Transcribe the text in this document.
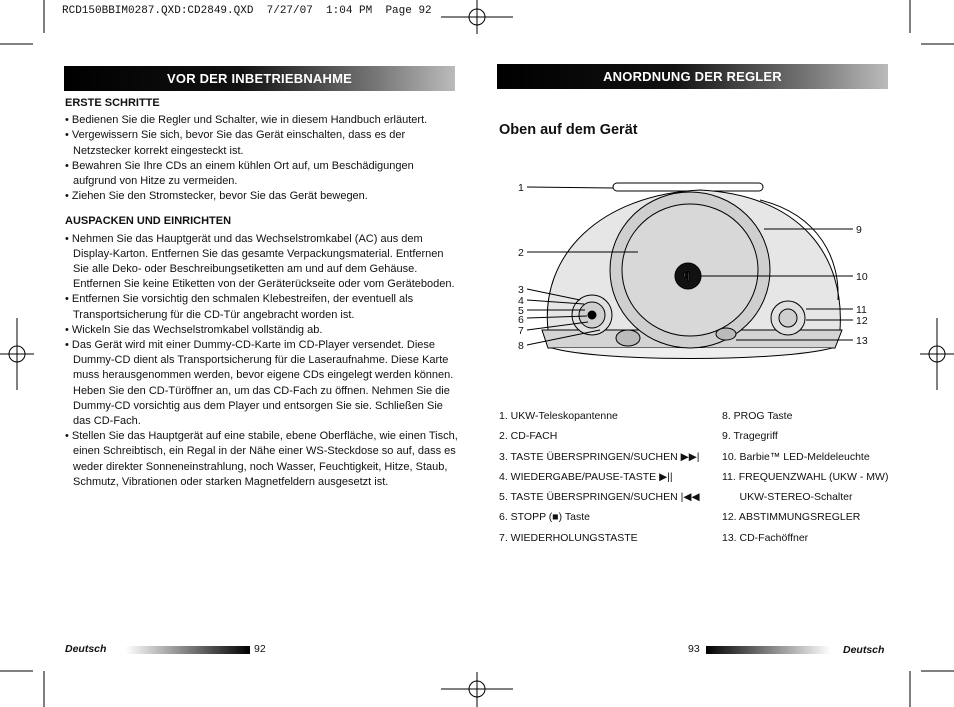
RCD150BBIM0287.QXD:CD2849.QXD  7/27/07  1:04 PM  Page 92
VOR DER INBETRIEBNAHME	ANORDNUNG DER REGLER
ERSTE SCHRITTE

• Bedienen Sie die Regler und Schalter, wie in diesem Handbuch erläutert.

• Vergewissern Sie sich, bevor Sie das Gerät einschalten, dass es der Netzstecker korrekt eingesteckt ist.

• Bewahren Sie Ihre CDs an einem kühlen Ort auf, um Beschädigungen aufgrund von Hitze zu vermeiden.

• Ziehen Sie den Stromstecker, bevor Sie das Gerät bewegen.

AUSPACKEN UND EINRICHTEN

• Nehmen Sie das Hauptgerät und das Wechselstromkabel (AC) aus dem Display-Karton. Entfernen Sie das gesamte Verpackungsmaterial. Entfernen Sie alle Deko- oder Beschreibungsetiketten am und auf dem Gehäuse. Entfernen Sie keine Etiketten von der Geräterückseite oder vom Geräteboden.

• Entfernen Sie vorsichtig den schmalen Klebestreifen, der eventuell als Transportsicherung für die CD-Tür angebracht worden ist.

• Wickeln Sie das Wechselstromkabel vollständig ab.

• Das Gerät wird mit einer Dummy-CD-Karte im CD-Player versendet. Diese Dummy-CD dient als Transportsicherung für die Laseraufnahme. Diese Karte muss herausgenommen werden, bevor eigene CDs eingelegt werden können. Heben Sie den CD-Türöffner an, um das CD-Fach zu öffnen. Nehmen Sie die Dummy-CD vorsichtig aus dem Player und entsorgen Sie sie. Schließen Sie das CD-Fach.

• Stellen Sie das Hauptgerät auf eine stabile, ebene Oberfläche, wie einen Tisch, einen Schreibtisch, ein Regal in der Nähe einer WS-Steckdose so auf, dass es weder direkter Sonneneinstrahlung, noch Wasser, Feuchtigkeit, Hitze, Staub, Schmutz, Vibrationen oder starken Magnetfeldern ausgesetzt ist.

Oben auf dem Gerät
ꟼ
1
2
3
4
5
6
7
8
9
10
11
12
13
1. UKW-Teleskopantenne
2. CD-FACH
3. TASTE ÜBERSPRINGEN/SUCHEN ▶▶|
4. WIEDERGABE/PAUSE-TASTE ▶||
5. TASTE ÜBERSPRINGEN/SUCHEN |◀◀
6. STOPP (■) Taste
7. WIEDERHOLUNGSTASTE
8. PROG Taste
9. Tragegriff
10. Barbie™ LED-Meldeleuchte
11. FREQUENZWAHL (UKW - MW)
UKW-STEREO-Schalter
12. ABSTIMMUNGSREGLER
13. CD-Fachöffner
Deutsch	92	93	Deutsch
